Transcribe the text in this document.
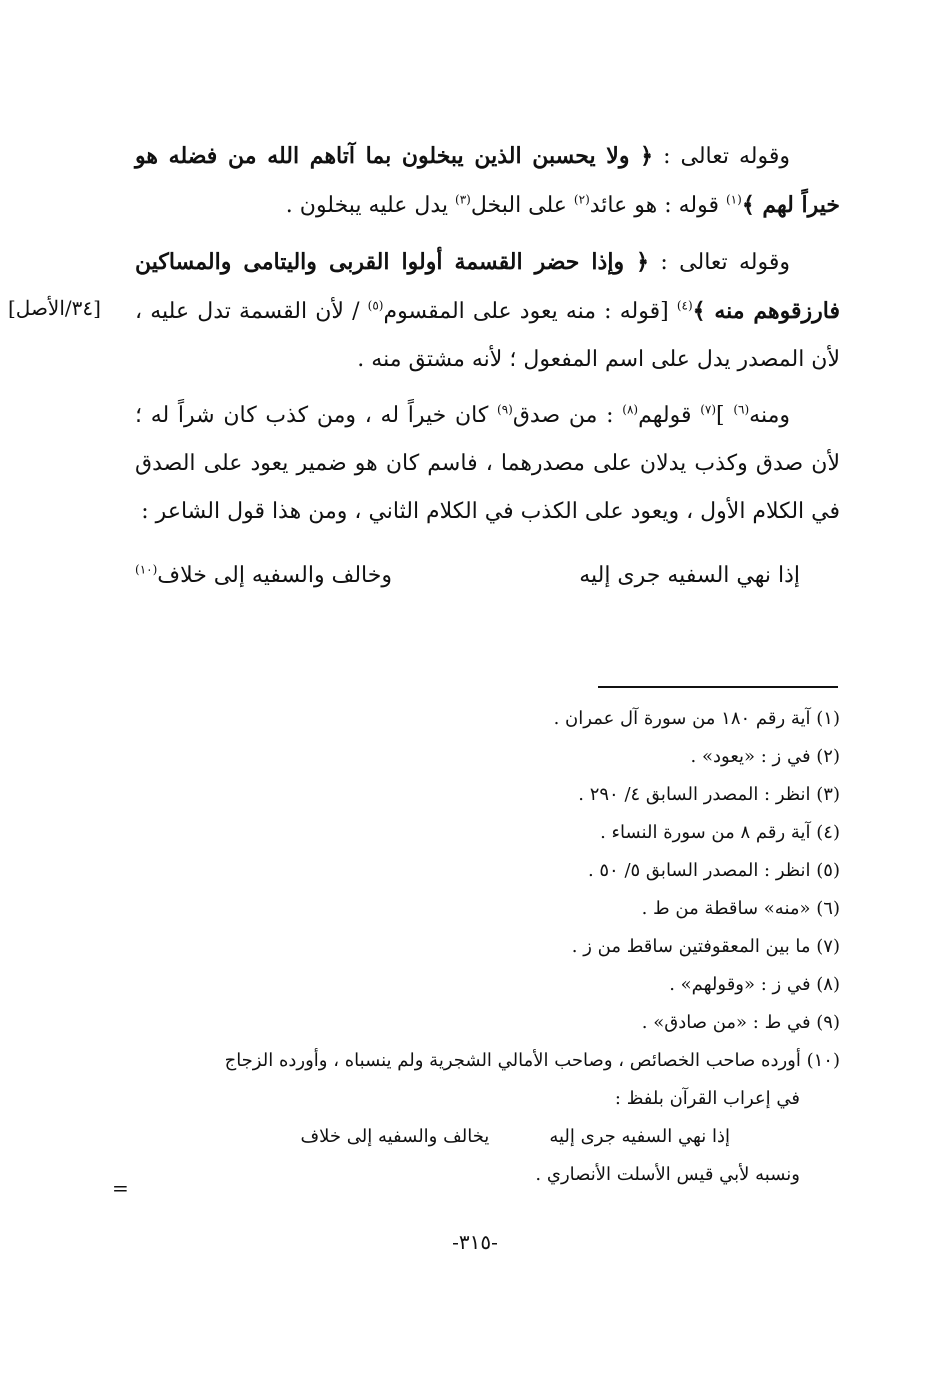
وقوله تعالى : ﴿ ولا يحسبن الذين يبخلون بما آتاهم الله من فضله هو خيراً لهم ﴾$^{(١)}$ قوله : هو عائد$^{(٢)}$ على البخل$^{(٣)}$ يدل عليه يبخلون .

وقوله تعالى : ﴿ وإذا حضر القسمة أولوا القربى واليتامى والمساكين فارزقوهم منه ﴾$^{(٤)}$ [قوله : منه يعود على المقسوم$^{(٥)}$ / لأن القسمة تدل عليه ، لأن المصدر يدل على اسم المفعول ؛ لأنه مشتق منه .

ومنه$^{(٦)}$ ]$^{(٧)}$ قولهم$^{(٨)}$ : من صدق$^{(٩)}$ كان خيراً له ، ومن كذب كان شراً له ؛ لأن صدق وكذب يدلان على مصدرهما ، فاسم كان هو ضمير يعود على الصدق في الكلام الأول ، ويعود على الكذب في الكلام الثاني ، ومن هذا قول الشاعر :

إذا نهي السفيه جرى إليه
وخالف والسفيه إلى خلاف$^{(١٠)}$
[٣٤/الأصل]
(١) آية رقم ١٨٠ من سورة آل عمران .
(٢) في ز : «يعود» .
(٣) انظر : المصدر السابق ٤/ ٢٩٠ .
(٤) آية رقم ٨ من سورة النساء .
(٥) انظر : المصدر السابق ٥/ ٥٠ .
(٦) «منه» ساقطة من ط .
(٧) ما بين المعقوفتين ساقط من ز .
(٨) في ز : «وقولهم» .
(٩) في ط : «من صادق» .
(١٠) أورده صاحب الخصائص ، وصاحب الأمالي الشجرية ولم ينسباه ، وأورده الزجاج
في إعراب القرآن بلفظ :
إذا نهي السفيه جرى إليه
يخالف والسفيه إلى خلاف
ونسبه لأبي قيس الأسلت الأنصاري .
=
-٣١٥-
